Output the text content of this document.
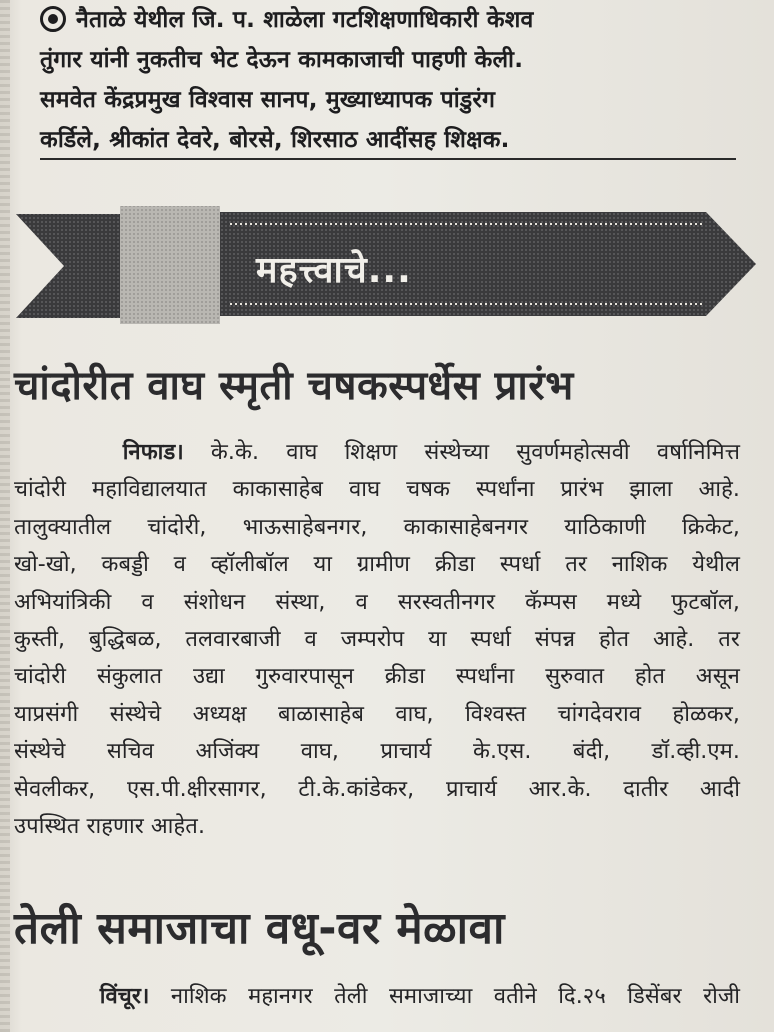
नैताळे येथील जि. प. शाळेला गटशिक्षणाधिकारी केशव
तुंगार यांनी नुकतीच भेट देऊन कामकाजाची पाहणी केली.
समवेत केंद्रप्रमुख विश्वास सानप, मुख्याध्यापक पांडुरंग
कर्डिले, श्रीकांत देवरे, बोरसे, शिरसाठ आदींसह शिक्षक.
महत्त्वाचे...
चांदोरीत वाघ स्मृती चषकस्पर्धेस प्रारंभ
निफाड। के.के. वाघ शिक्षण संस्थेच्या सुवर्णमहोत्सवी वर्षानिमित्त
चांदोरी महाविद्यालयात काकासाहेब वाघ चषक स्पर्धांना प्रारंभ झाला आहे.
तालुक्यातील चांदोरी, भाऊसाहेबनगर, काकासाहेबनगर याठिकाणी क्रिकेट,
खो-खो, कबड्डी व व्हॉलीबॉल या ग्रामीण क्रीडा स्पर्धा तर नाशिक येथील
अभियांत्रिकी व संशोधन संस्था, व सरस्वतीनगर कॅम्पस मध्ये फुटबॉल,
कुस्ती, बुद्धिबळ, तलवारबाजी व जम्परोप या स्पर्धा संपन्न होत आहे. तर
चांदोरी संकुलात उद्या गुरुवारपासून क्रीडा स्पर्धांना सुरुवात होत असून
याप्रसंगी संस्थेचे अध्यक्ष बाळासाहेब वाघ, विश्वस्त चांगदेवराव होळकर,
संस्थेचे सचिव अजिंक्य वाघ, प्राचार्य के.एस. बंदी, डॉ.व्ही.एम.
सेवलीकर, एस.पी.क्षीरसागर, टी.के.कांडेकर, प्राचार्य आर.के. दातीर आदी
उपस्थित राहणार आहेत.
तेली समाजाचा वधू-वर मेळावा
विंचूर। नाशिक महानगर तेली समाजाच्या वतीने दि.२५ डिसेंबर रोजी
